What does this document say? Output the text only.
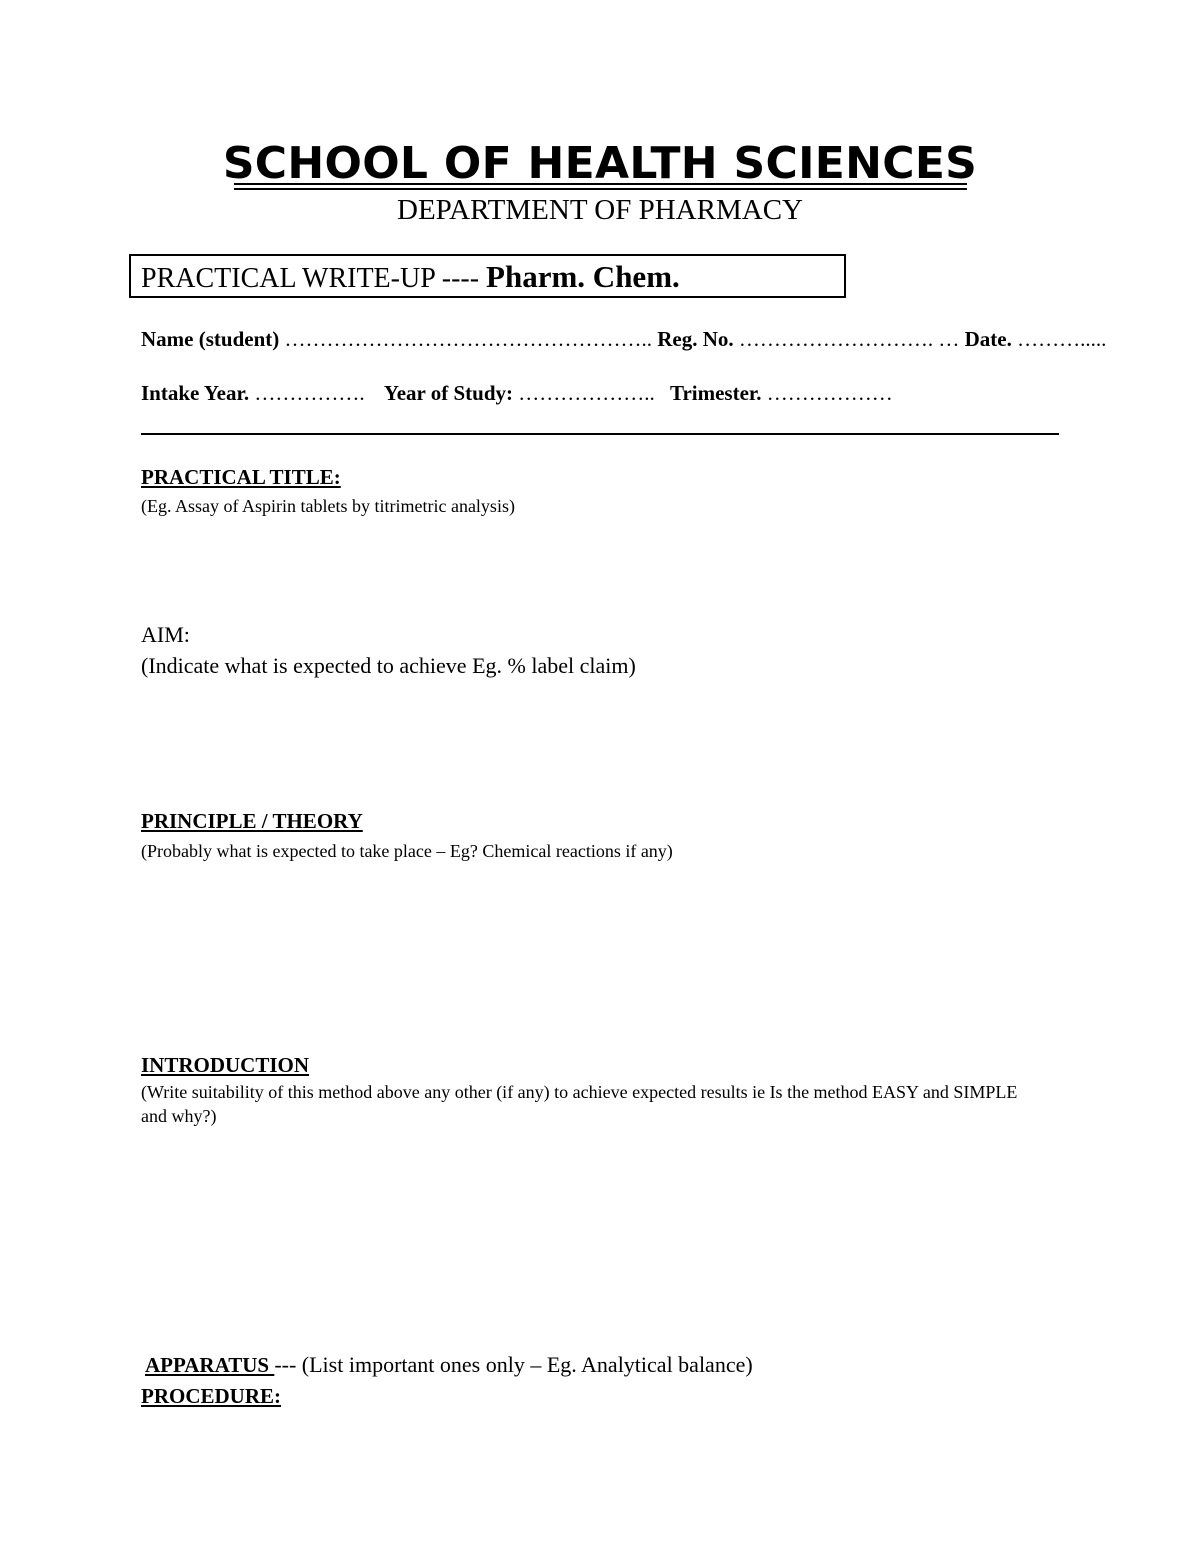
SCHOOL OF HEALTH SCIENCES
DEPARTMENT OF PHARMACY
PRACTICAL WRITE-UP ---- Pharm. Chem.
Name (student) …………………………………………….. Reg. No. ………………………. … Date. ……….....
Intake Year. ……………. Year of Study: ……………….. Trimester. ………………
PRACTICAL TITLE:
(Eg. Assay of Aspirin tablets by titrimetric analysis)
AIM:
(Indicate what is expected to achieve Eg. % label claim)
PRINCIPLE / THEORY
(Probably what is expected to take place – Eg? Chemical reactions if any)
INTRODUCTION
(Write suitability of this method above any other (if any) to achieve expected results ie Is the method EASY and SIMPLE and why?)
APPARATUS --- (List important ones only – Eg. Analytical balance)
PROCEDURE:
